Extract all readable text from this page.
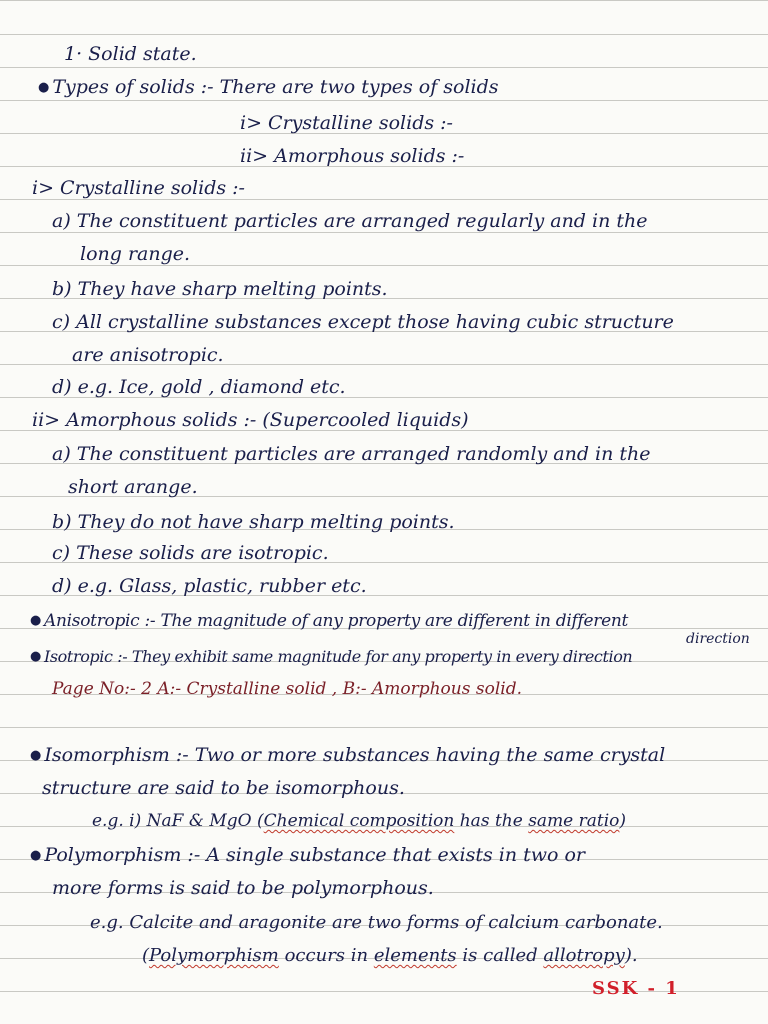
1· Solid state.
● Types of solids :- There are two types of solids
i> Crystalline solids :-
ii> Amorphous solids :-
i> Crystalline solids :-
a) The constituent particles are arranged regularly and in the
long range.
b) They have sharp melting points.
c) All crystalline substances except those having cubic structure
are anisotropic.
d) e.g. Ice, gold , diamond etc.
ii> Amorphous solids :- (Supercooled liquids)
a) The constituent particles are arranged randomly and in the
short arange.
b) They do not have sharp melting points.
c) These solids are isotropic.
d) e.g. Glass, plastic, rubber etc.
● Anisotropic :- The magnitude of any property are different in different
direction
● Isotropic :- They exhibit same magnitude for any property in every direction
Page No:- 2 A:- Crystalline solid , B:- Amorphous solid.
● Isomorphism :- Two or more substances having the same crystal
structure are said to be isomorphous.
e.g. i) NaF & MgO (Chemical composition has the same ratio)
● Polymorphism :- A single substance that exists in two or
more forms is said to be polymorphous.
e.g. Calcite and aragonite are two forms of calcium carbonate.
(Polymorphism occurs in elements is called allotropy).
SSK - 1
